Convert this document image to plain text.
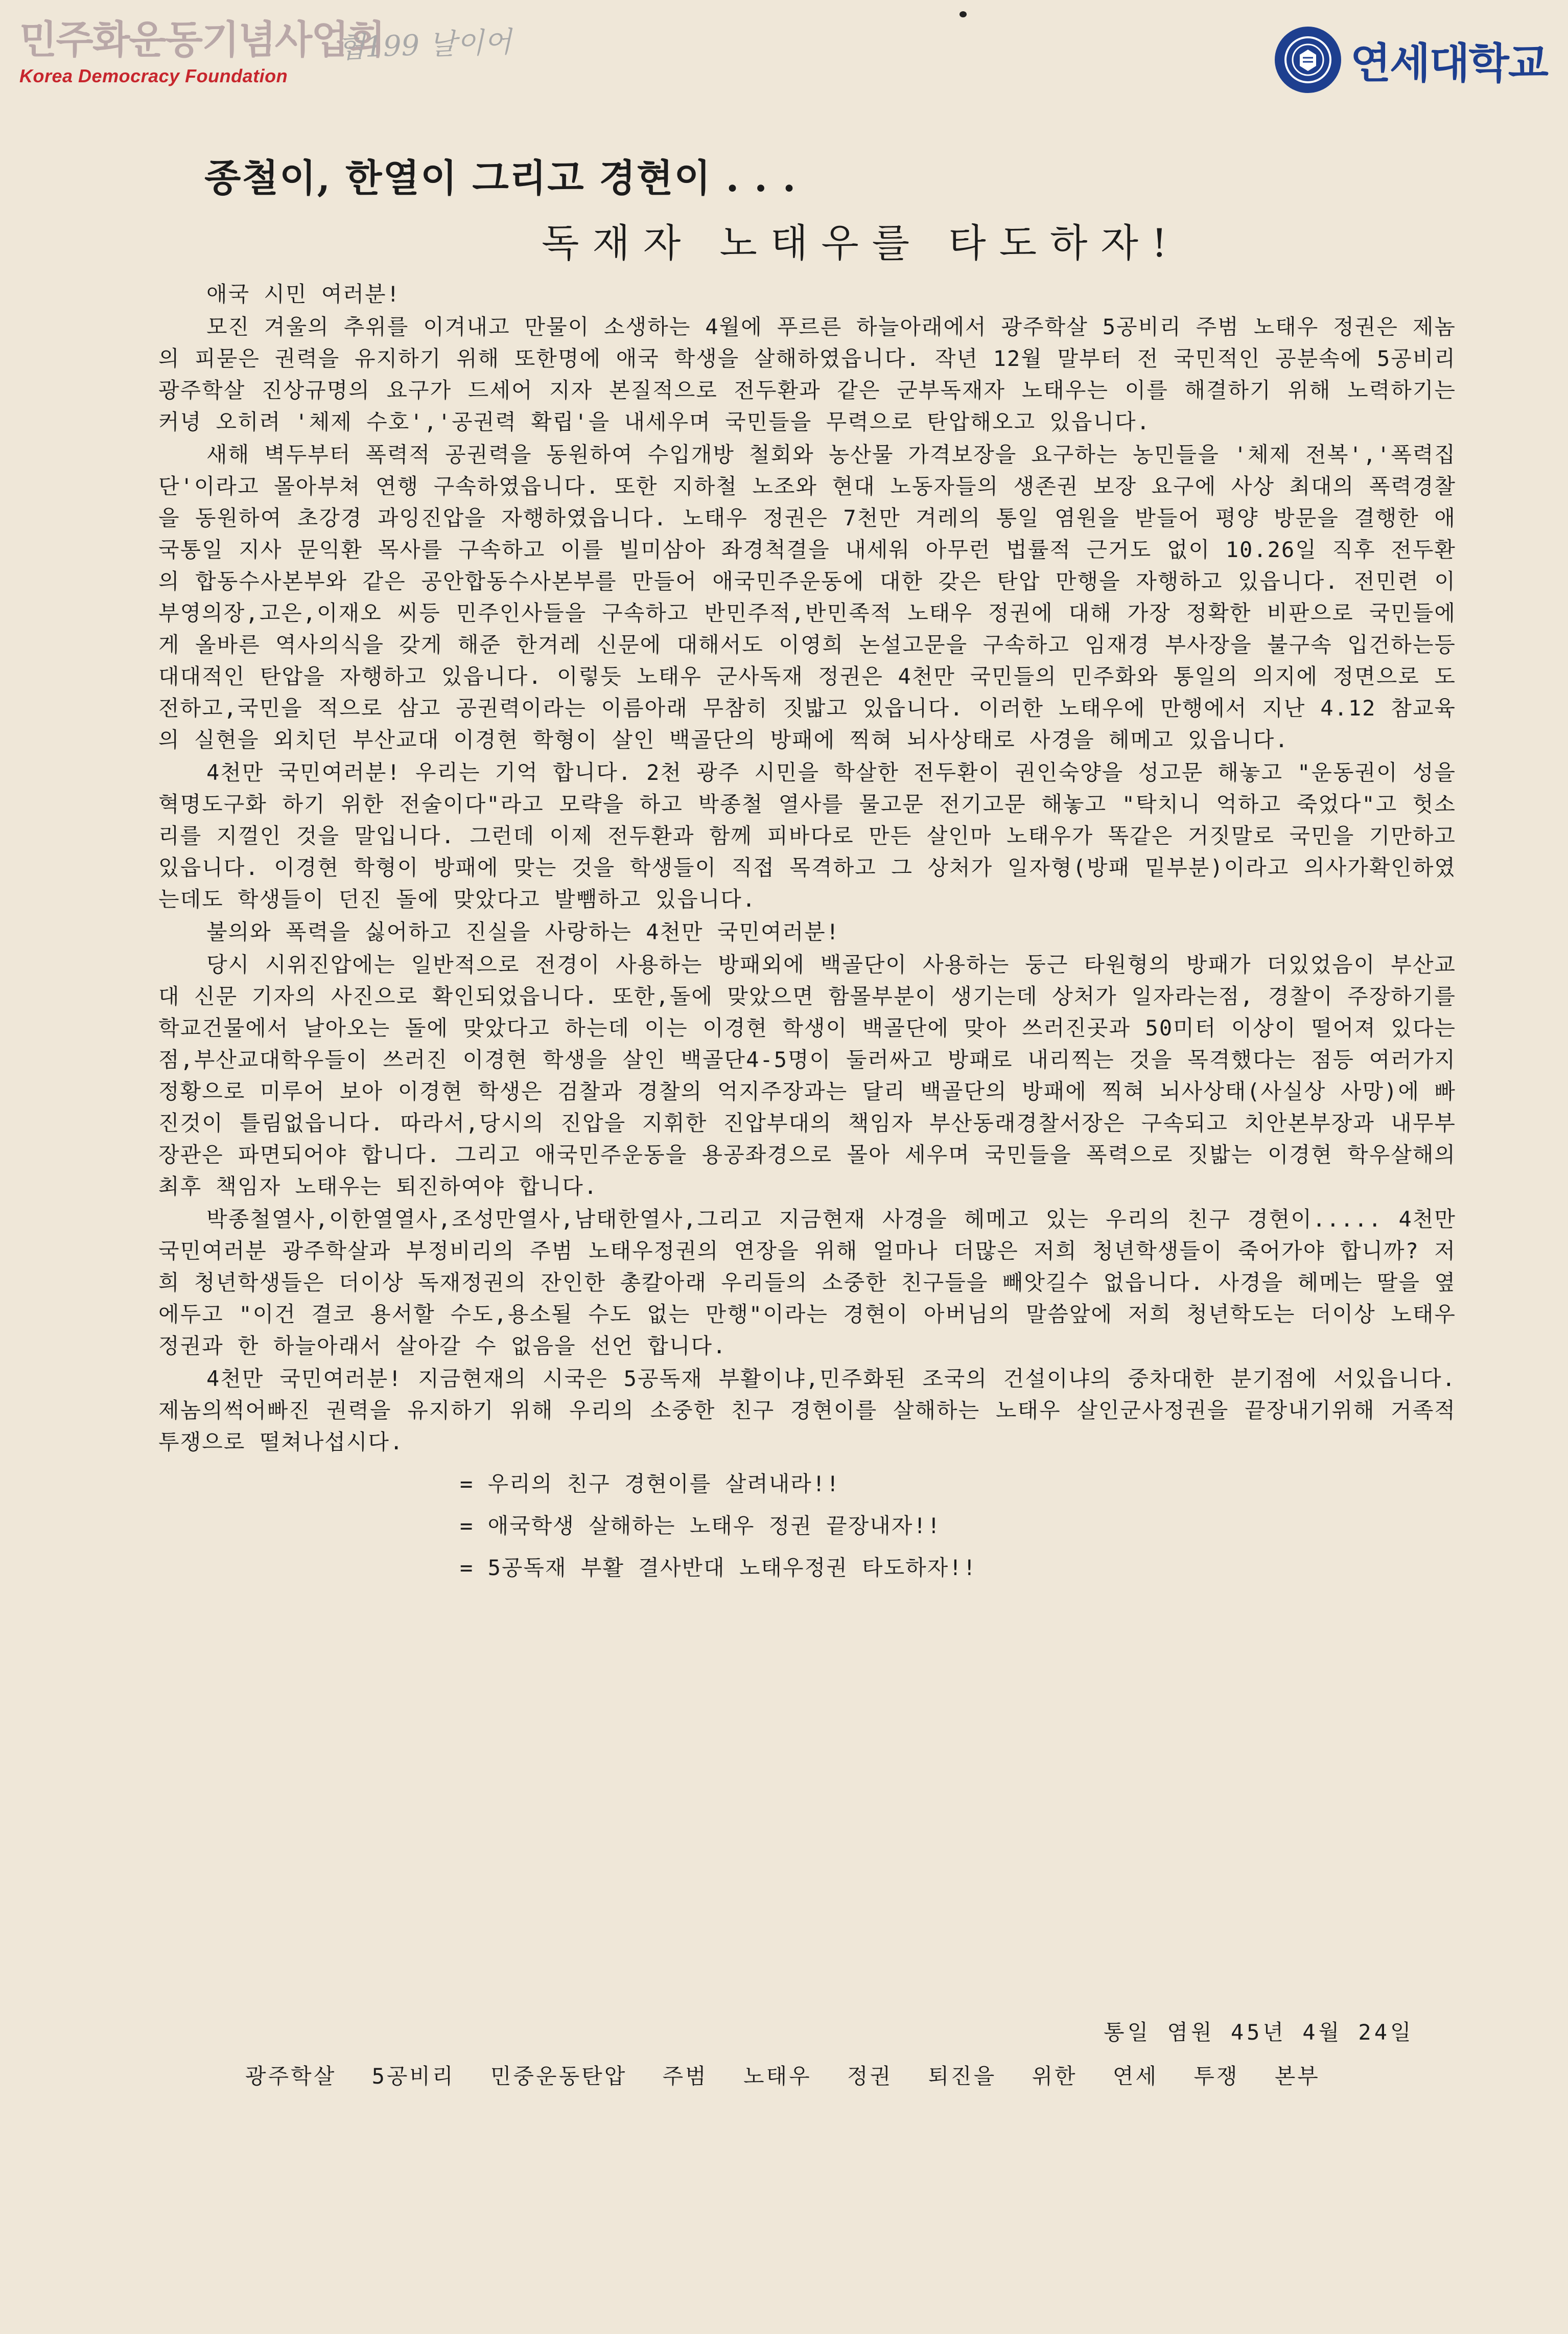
민주화운동기념사업회
Korea Democracy Foundation
협199 날이어	연세대학교
종철이, 한열이 그리고 경현이 . . .
독재자 노태우를 타도하자!

애국 시민 여러분!

모진 겨울의 추위를 이겨내고 만물이 소생하는 4월에 푸르른 하늘아래에서 광주학살 5공비리 주범 노태우 정권은 제놈의 피묻은 권력을 유지하기 위해 또한명에 애국 학생을 살해하였읍니다. 작년 12월 말부터 전 국민적인 공분속에 5공비리 광주학살 진상규명의 요구가 드세어 지자 본질적으로 전두환과 같은 군부독재자 노태우는 이를 해결하기 위해 노력하기는 커녕 오히려 '체제 수호','공권력 확립'을 내세우며 국민들을 무력으로 탄압해오고 있읍니다.

새해 벽두부터 폭력적 공권력을 동원하여 수입개방 철회와 농산물 가격보장을 요구하는 농민들을 '체제 전복','폭력집단'이라고 몰아부쳐 연행 구속하였읍니다. 또한 지하철 노조와 현대 노동자들의 생존권 보장 요구에 사상 최대의 폭력경찰을 동원하여 초강경 과잉진압을 자행하였읍니다. 노태우 정권은 7천만 겨레의 통일 염원을 받들어 평양 방문을 결행한 애국통일 지사 문익환 목사를 구속하고 이를 빌미삼아 좌경척결을 내세워 아무런 법률적 근거도 없이 10.26일 직후 전두환의 합동수사본부와 같은 공안합동수사본부를 만들어 애국민주운동에 대한 갖은 탄압 만행을 자행하고 있읍니다. 전민련 이부영의장,고은,이재오 씨등 민주인사들을 구속하고 반민주적,반민족적 노태우 정권에 대해 가장 정확한 비판으로 국민들에게 올바른 역사의식을 갖게 해준 한겨레 신문에 대해서도 이영희 논설고문을 구속하고 임재경 부사장을 불구속 입건하는등 대대적인 탄압을 자행하고 있읍니다. 이렇듯 노태우 군사독재 정권은 4천만 국민들의 민주화와 통일의 의지에 정면으로 도전하고,국민을 적으로 삼고 공권력이라는 이름아래 무참히 짓밟고 있읍니다. 이러한 노태우에 만행에서 지난 4.12 참교육의 실현을 외치던 부산교대 이경현 학형이 살인 백골단의 방패에 찍혀 뇌사상태로 사경을 헤메고 있읍니다.

4천만 국민여러분! 우리는 기억 합니다. 2천 광주 시민을 학살한 전두환이 권인숙양을 성고문 해놓고 "운동권이 성을 혁명도구화 하기 위한 전술이다"라고 모략을 하고 박종철 열사를 물고문 전기고문 해놓고 "탁치니 억하고 죽었다"고 헛소리를 지껄인 것을 말입니다. 그런데 이제 전두환과 함께 피바다로 만든 살인마 노태우가 똑같은 거짓말로 국민을 기만하고 있읍니다. 이경현 학형이 방패에 맞는 것을 학생들이 직접 목격하고 그 상처가 일자형(방패 밑부분)이라고 의사가확인하였는데도 학생들이 던진 돌에 맞았다고 발뺌하고 있읍니다.

불의와 폭력을 싫어하고 진실을 사랑하는 4천만 국민여러분!

당시 시위진압에는 일반적으로 전경이 사용하는 방패외에 백골단이 사용하는 둥근 타원형의 방패가 더있었음이 부산교대 신문 기자의 사진으로 확인되었읍니다. 또한,돌에 맞았으면 함몰부분이 생기는데 상처가 일자라는점, 경찰이 주장하기를 학교건물에서 날아오는 돌에 맞았다고 하는데 이는 이경현 학생이 백골단에 맞아 쓰러진곳과 50미터 이상이 떨어져 있다는점,부산교대학우들이 쓰러진 이경현 학생을 살인 백골단4-5명이 둘러싸고 방패로 내리찍는 것을 목격했다는 점등 여러가지 정황으로 미루어 보아 이경현 학생은 검찰과 경찰의 억지주장과는 달리 백골단의 방패에 찍혀 뇌사상태(사실상 사망)에 빠진것이 틀림없읍니다. 따라서,당시의 진압을 지휘한 진압부대의 책임자 부산동래경찰서장은 구속되고 치안본부장과 내무부장관은 파면되어야 합니다. 그리고 애국민주운동을 용공좌경으로 몰아 세우며 국민들을 폭력으로 짓밟는 이경현 학우살해의 최후 책임자 노태우는 퇴진하여야 합니다.

박종철열사,이한열열사,조성만열사,남태한열사,그리고 지금현재 사경을 헤메고 있는 우리의 친구 경현이..... 4천만 국민여러분 광주학살과 부정비리의 주범 노태우정권의 연장을 위해 얼마나 더많은 저희 청년학생들이 죽어가야 합니까? 저희 청년학생들은 더이상 독재정권의 잔인한 총칼아래 우리들의 소중한 친구들을 빼앗길수 없읍니다. 사경을 헤메는 딸을 옆에두고 "이건 결코 용서할 수도,용소될 수도 없는 만행"이라는 경현이 아버님의 말씀앞에 저희 청년학도는 더이상 노태우정권과 한 하늘아래서 살아갈 수 없음을 선언 합니다.

4천만 국민여러분! 지금현재의 시국은 5공독재 부활이냐,민주화된 조국의 건설이냐의 중차대한 분기점에 서있읍니다. 제놈의썩어빠진 권력을 유지하기 위해 우리의 소중한 친구 경현이를 살해하는 노태우 살인군사정권을 끝장내기위해 거족적 투쟁으로 떨쳐나섭시다.

= 우리의 친구 경현이를 살려내라!!
= 애국학생 살해하는 노태우 정권 끝장내자!!
= 5공독재 부활 결사반대 노태우정권 타도하자!!
통일 염원 45년 4월 24일
광주학살 5공비리 민중운동탄압 주범 노태우 정권 퇴진을 위한 연세 투쟁 본부
